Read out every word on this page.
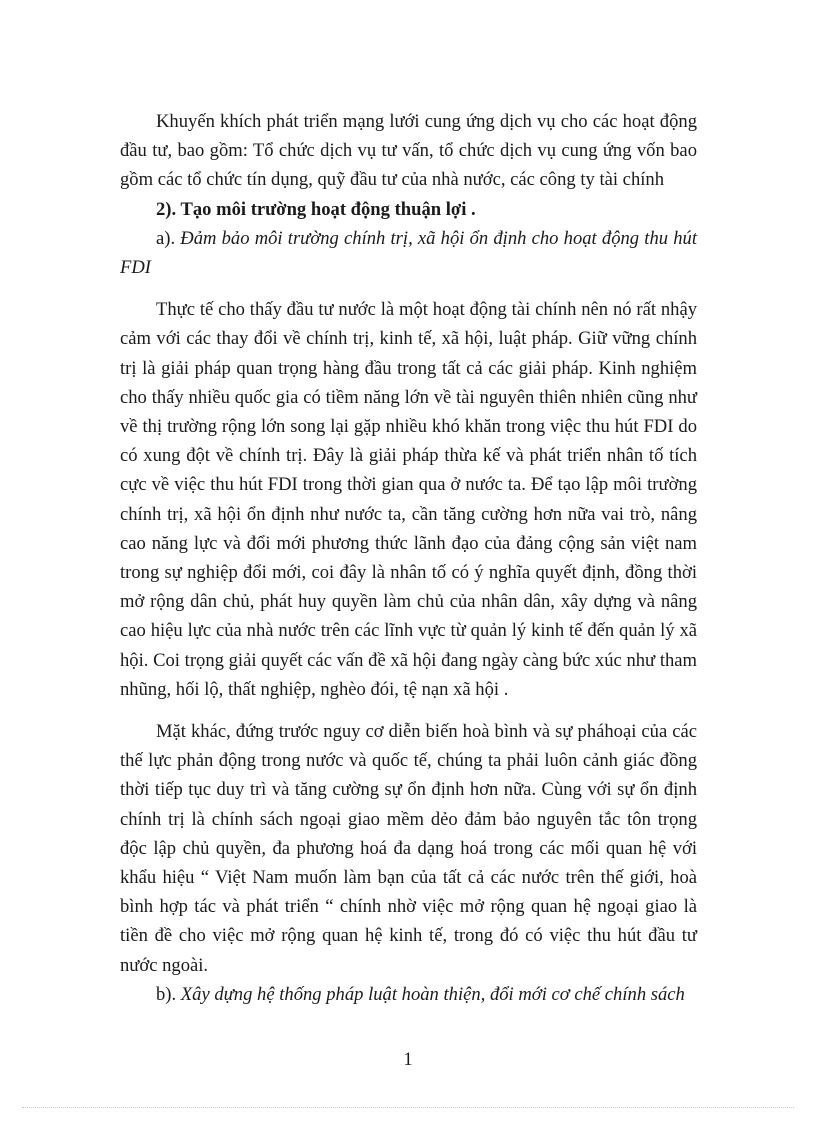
Khuyến khích phát triển mạng lưới cung ứng dịch vụ cho các hoạt động đầu tư, bao gồm: Tổ chức dịch vụ tư vấn, tổ chức dịch vụ cung ứng vốn bao gồm các tổ chức tín dụng, quỹ đầu tư của nhà nước, các công ty tài chính

2). Tạo môi trường hoạt động thuận lợi .

a). Đảm bảo môi trường chính trị, xã hội ổn định cho hoạt động thu hút FDI

Thực tế cho thấy đầu tư nước là một hoạt động tài chính nên nó rất nhậy cảm với các thay đổi về chính trị, kinh tế, xã hội, luật pháp. Giữ vững chính trị là giải pháp quan trọng hàng đầu trong tất cả các giải pháp. Kinh nghiệm cho thấy nhiều quốc gia có tiềm năng lớn về tài nguyên thiên nhiên cũng như về thị trường rộng lớn song lại gặp nhiều khó khăn trong việc thu hút FDI do có xung đột về chính trị. Đây là giải pháp thừa kế và phát triển nhân tố tích cực về việc thu hút FDI trong thời gian qua ở nước ta. Để tạo lập môi trường chính trị, xã hội ổn định như nước ta, cần tăng cường hơn nữa vai trò, nâng cao năng lực và đổi mới phương thức lãnh đạo của đảng cộng sản việt nam trong sự nghiệp đổi mới, coi đây là nhân tố có ý nghĩa quyết định, đồng thời mở rộng dân chủ, phát huy quyền làm chủ của nhân dân, xây dựng và nâng cao hiệu lực của nhà nước trên các lĩnh vực từ quản lý kinh tế đến quản lý xã hội. Coi trọng giải quyết các vấn đề xã hội đang ngày càng bức xúc như tham nhũng, hối lộ, thất nghiệp, nghèo đói, tệ nạn xã hội .

Mặt khác, đứng trước nguy cơ diễn biến hoà bình và sự pháhoại của các thế lực phản động trong nước và quốc tế, chúng ta phải luôn cảnh giác đồng thời tiếp tục duy trì và tăng cường sự ổn định hơn nữa. Cùng với sự ổn định chính trị là chính sách ngoại giao mềm dẻo đảm bảo nguyên tắc tôn trọng độc lập chủ quyền, đa phương hoá đa dạng hoá trong các mối quan hệ với khẩu hiệu “ Việt Nam muốn làm bạn của tất cả các nước trên thế giới, hoà bình hợp tác và phát triển “ chính nhờ việc mở rộng quan hệ ngoại giao là tiền đề cho việc mở rộng quan hệ kinh tế, trong đó có việc thu hút đầu tư nước ngoài.

b). Xây dựng hệ thống pháp luật hoàn thiện, đổi mới cơ chế chính sách

1
